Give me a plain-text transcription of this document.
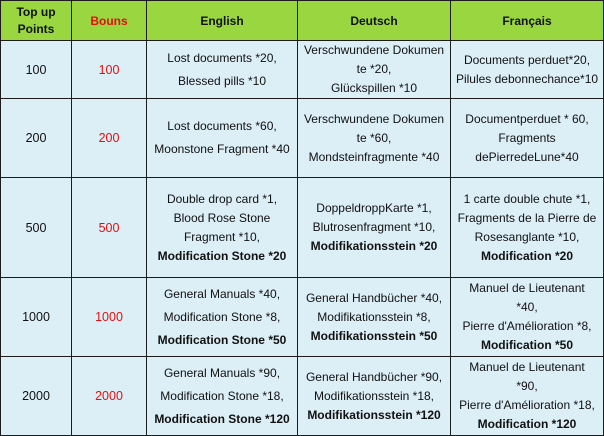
Top up
Points	Bouns	English	Deutsch	Français
100	100	Lost documents *20,
Blessed pills *10	Verschwundene Dokumen
te *20,
Glückspillen *10	Documents perduet*20,
Pilules debonnechance*10

200	200	Lost documents *60,
Moonstone Fragment *40	Verschwundene Dokumen
te *60,
Mondsteinfragmente *40	Documentperduet * 60,
Fragments
dePierredeLune*40

500	500	Double drop card *1,
Blood Rose Stone
Fragment *10,
Modification Stone *20	DoppeldroppKarte *1,
Blutrosenfragment *10,
Modifikationsstein *20	1 carte double chute *1,
Fragments de la Pierre de
Rosesanglante *10,
Modification *20

1000	1000	General Manuals *40,
Modification Stone *8,
Modification Stone *50	General Handbücher *40,
Modifikationsstein *8,
Modifikationsstein *50	Manuel de Lieutenant
*40,
Pierre d'Amélioration *8,
Modification *50

2000	2000	General Manuals *90,
Modification Stone *18,
Modification Stone *120	General Handbücher *90,
Modifikationsstein *18,
Modifikationsstein *120	Manuel de Lieutenant
*90,
Pierre d'Amélioration *18,
Modification *120
